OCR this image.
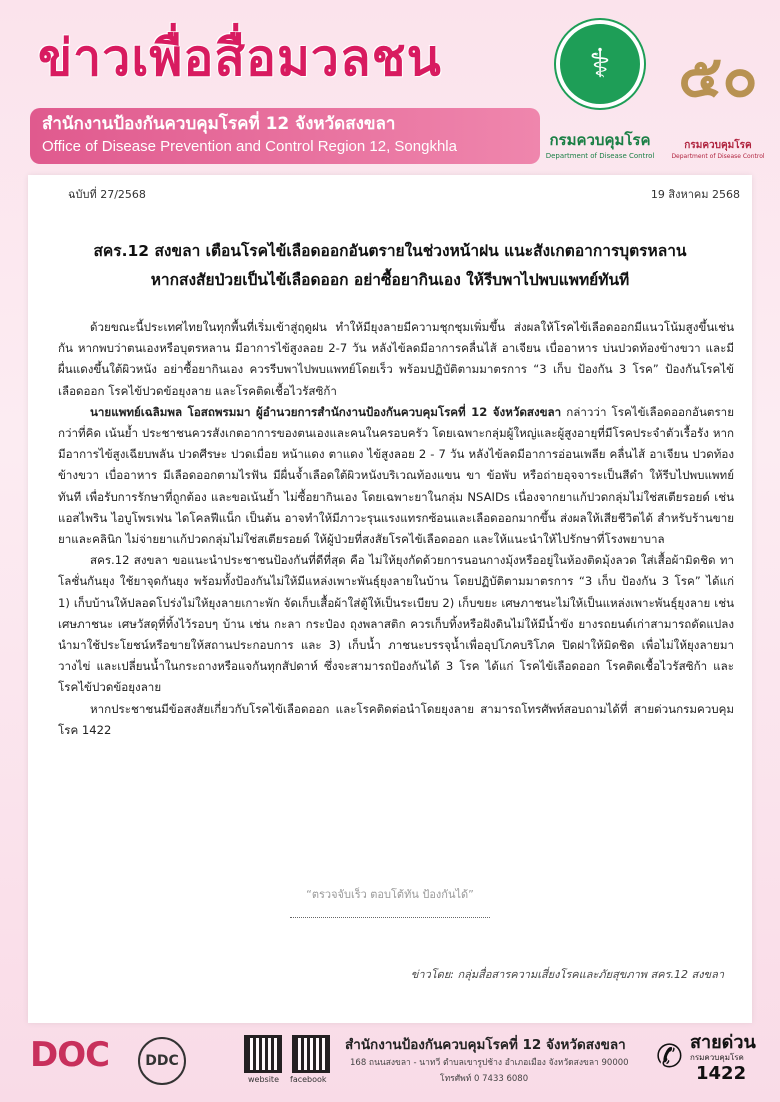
ข่าวเพื่อสื่อมวลชน
สำนักงานป้องกันควบคุมโรคที่ 12 จังหวัดสงขลา
Office of Disease Prevention and Control Region 12, Songkhla
⚕
กรมควบคุมโรค
Department of Disease Control
๕๐
กรมควบคุมโรค
Department of Disease Control
ฉบับที่ 27/2568	19 สิงหาคม 2568
สคร.12 สงขลา เตือนโรคไข้เลือดออกอันตรายในช่วงหน้าฝน แนะสังเกตอาการบุตรหลาน
หากสงสัยป่วยเป็นไข้เลือดออก อย่าซื้อยากินเอง ให้รีบพาไปพบแพทย์ทันที

ด้วยขณะนี้ประเทศไทยในทุกพื้นที่เริ่มเข้าสู่ฤดูฝน ทำให้มียุงลายมีความชุกชุมเพิ่มขึ้น ส่งผลให้โรคไข้เลือดออกมีแนวโน้มสูงขึ้นเช่นกัน หากพบว่าตนเองหรือบุตรหลาน มีอาการไข้สูงลอย 2-7 วัน หลังไข้ลดมีอาการคลื่นไส้ อาเจียน เบื่ออาหาร บ่นปวดท้องข้างขวา และมีผื่นแดงขึ้นใต้ผิวหนัง อย่าซื้อยากินเอง ควรรีบพาไปพบแพทย์โดยเร็ว พร้อมปฏิบัติตามมาตรการ “3 เก็บ ป้องกัน 3 โรค” ป้องกันโรคไข้เลือดออก โรคไข้ปวดข้อยุงลาย และโรคติดเชื้อไวรัสซิก้า

นายแพทย์เฉลิมพล โอสถพรมมา ผู้อำนวยการสำนักงานป้องกันควบคุมโรคที่ 12 จังหวัดสงขลา กล่าวว่า โรคไข้เลือดออกอันตรายกว่าที่คิด เน้นย้ำ ประชาชนควรสังเกตอาการของตนเองและคนในครอบครัว โดยเฉพาะกลุ่มผู้ใหญ่และผู้สูงอายุที่มีโรคประจำตัวเรื้อรัง หากมีอาการไข้สูงเฉียบพลัน ปวดศีรษะ ปวดเมื่อย หน้าแดง ตาแดง ไข้สูงลอย 2 - 7 วัน หลังไข้ลดมีอาการอ่อนเพลีย คลื่นไส้ อาเจียน ปวดท้องข้างขวา เบื่ออาหาร มีเลือดออกตามไรฟัน มีผื่นจ้ำเลือดใต้ผิวหนังบริเวณท้องแขน ขา ข้อพับ หรือถ่ายอุจจาระเป็นสีดำ ให้รีบไปพบแพทย์ทันที เพื่อรับการรักษาที่ถูกต้อง และขอเน้นย้ำ ไม่ซื้อยากินเอง โดยเฉพาะยาในกลุ่ม NSAIDs เนื่องจากยาแก้ปวดกลุ่มไม่ใช่สเตียรอยด์ เช่น แอสไพริน ไอบูโพรเฟน ไดโคลฟีแน็ก เป็นต้น อาจทำให้มีภาวะรุนแรงแทรกซ้อนและเลือดออกมากขึ้น ส่งผลให้เสียชีวิตได้ สำหรับร้านขายยาและคลินิก ไม่จ่ายยาแก้ปวดกลุ่มไม่ใช่สเตียรอยด์ ให้ผู้ป่วยที่สงสัยโรคไข้เลือดออก และให้แนะนำให้ไปรักษาที่โรงพยาบาล

สคร.12 สงขลา ขอแนะนำประชาชนป้องกันที่ดีที่สุด คือ ไม่ให้ยุงกัดด้วยการนอนกางมุ้งหรืออยู่ในห้องติดมุ้งลวด ใส่เสื้อผ้ามิดชิด ทาโลชั่นกันยุง ใช้ยาจุดกันยุง พร้อมทั้งป้องกันไม่ให้มีแหล่งเพาะพันธุ์ยุงลายในบ้าน โดยปฏิบัติตามมาตรการ “3 เก็บ ป้องกัน 3 โรค” ได้แก่ 1) เก็บบ้านให้ปลอดโปร่งไม่ให้ยุงลายเกาะพัก จัดเก็บเสื้อผ้าใส่ตู้ให้เป็นระเบียบ 2) เก็บขยะ เศษภาชนะไม่ให้เป็นแหล่งเพาะพันธุ์ยุงลาย เช่น เศษภาชนะ เศษวัสดุที่ทิ้งไว้รอบๆ บ้าน เช่น กะลา กระป๋อง ถุงพลาสติก ควรเก็บทิ้งหรือฝังดินไม่ให้มีน้ำขัง ยางรถยนต์เก่าสามารถดัดแปลงนำมาใช้ประโยชน์หรือขายให้สถานประกอบการ และ 3) เก็บน้ำ ภาชนะบรรจุน้ำเพื่ออุปโภคบริโภค ปิดฝาให้มิดชิด เพื่อไม่ให้ยุงลายมาวางไข่ และเปลี่ยนน้ำในกระถางหรือแจกันทุกสัปดาห์ ซึ่งจะสามารถป้องกันได้ 3 โรค ได้แก่ โรคไข้เลือดออก โรคติดเชื้อไวรัสซิก้า และ โรคไข้ปวดข้อยุงลาย

หากประชาชนมีข้อสงสัยเกี่ยวกับโรคไข้เลือดออก และโรคติดต่อนำโดยยุงลาย สามารถโทรศัพท์สอบถามได้ที่ สายด่วนกรมควบคุมโรค 1422

“ตรวจจับเร็ว ตอบโต้ทัน ป้องกันได้”
ข่าวโดย: กลุ่มสื่อสารความเสี่ยงโรคและภัยสุขภาพ สคร.12 สงขลา
DOC	DDC
website facebook
สำนักงานป้องกันควบคุมโรคที่ 12 จังหวัดสงขลา
168 ถนนสงขลา - นาทวี ตำบลเขารูปช้าง อำเภอเมือง จังหวัดสงขลา 90000
โทรศัพท์ 0 7433 6080
✆ สายด่วน
กรมควบคุมโรค
1422
